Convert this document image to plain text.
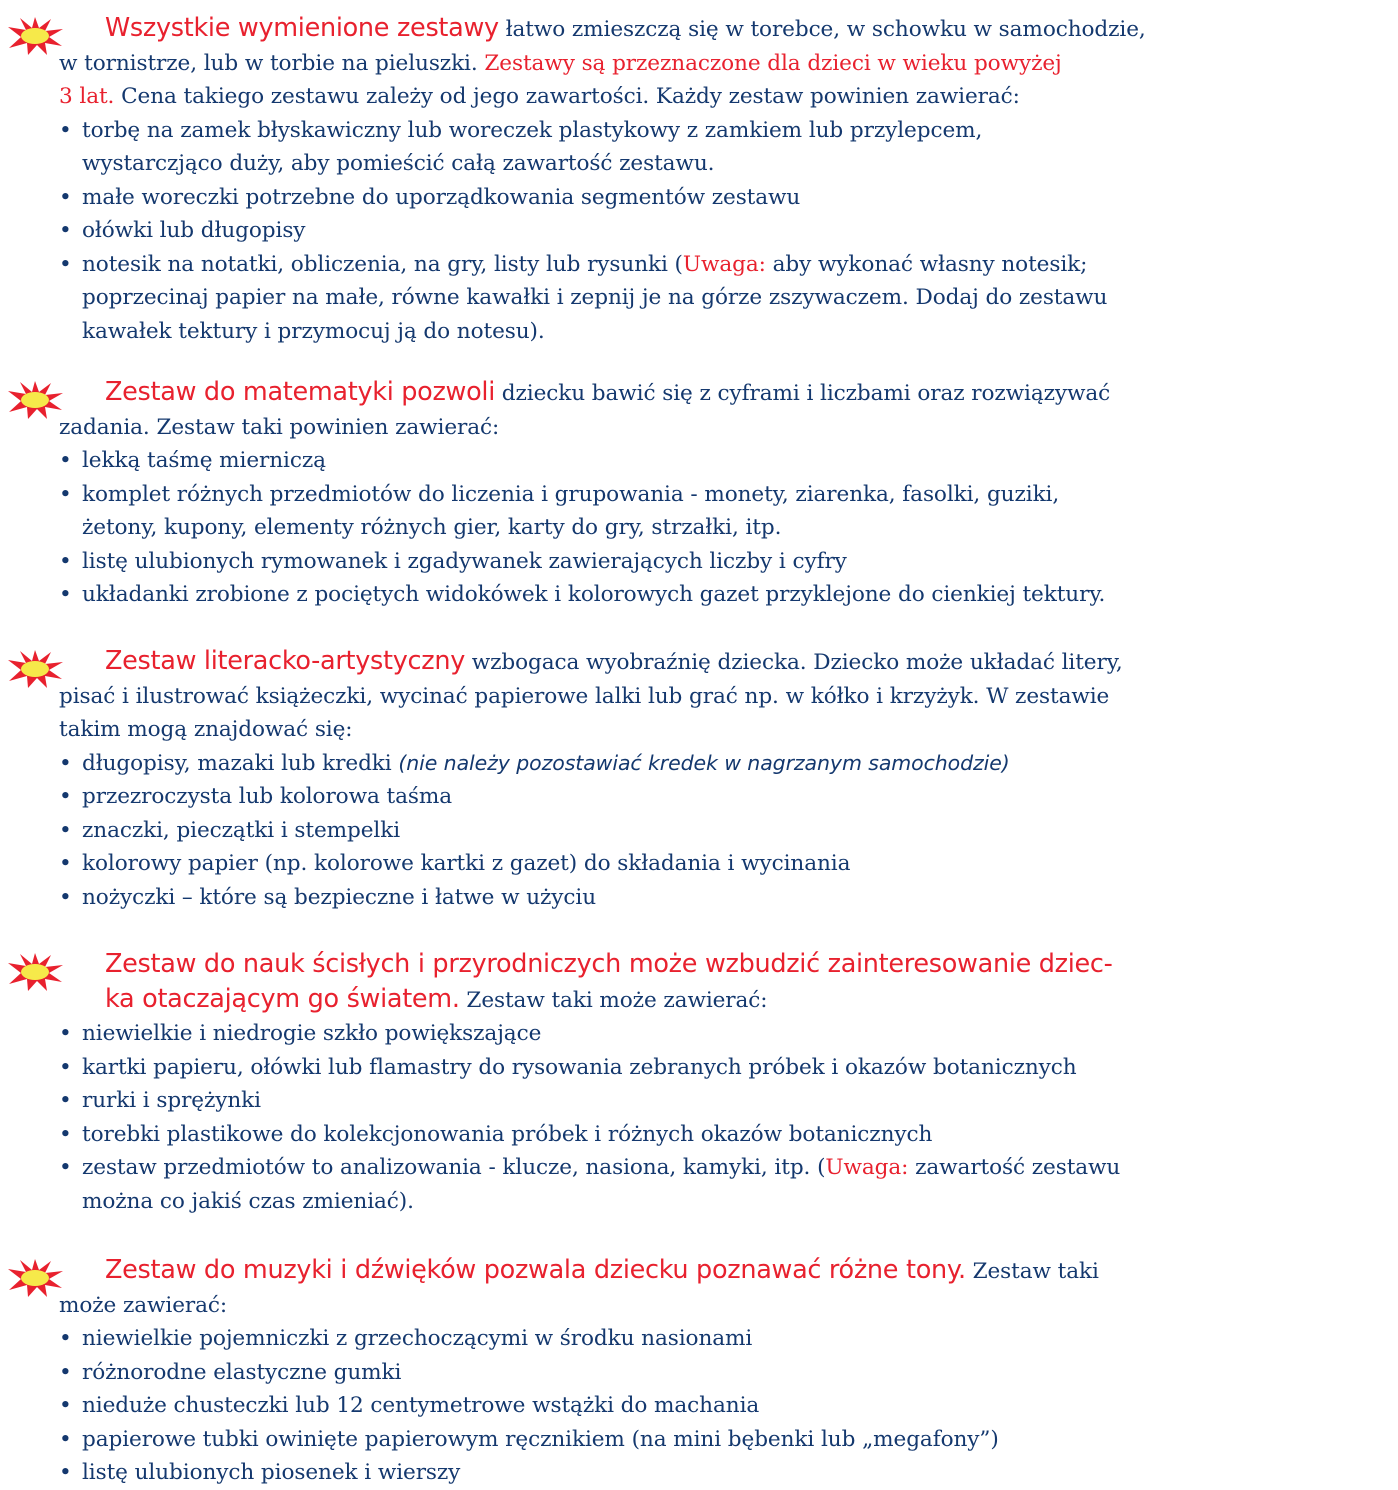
Wszystkie wymienione zestawy łatwo zmieszczą się w torebce, w schowku w samochodzie,

w tornistrze, lub w torbie na pieluszki. Zestawy są przeznaczone dla dzieci w wieku powyżej

3 lat. Cena takiego zestawu zależy od jego zawartości. Każdy zestaw powinien zawierać:

• torbę na zamek błyskawiczny lub woreczek plastykowy z zamkiem lub przylepcem,
wystarczjąco duży, aby pomieścić całą zawartość zestawu.
• małe woreczki potrzebne do uporządkowania segmentów zestawu
• ołówki lub długopisy
• notesik na notatki, obliczenia, na gry, listy lub rysunki (Uwaga: aby wykonać własny notesik;
poprzecinaj papier na małe, równe kawałki i zepnij je na górze zszywaczem. Dodaj do zestawu
kawałek tektury i przymocuj ją do notesu).

Zestaw do matematyki pozwoli dziecku bawić się z cyframi i liczbami oraz rozwiązywać

zadania. Zestaw taki powinien zawierać:

• lekką taśmę mierniczą
• komplet różnych przedmiotów do liczenia i grupowania - monety, ziarenka, fasolki, guziki,
żetony, kupony, elementy różnych gier, karty do gry, strzałki, itp.
• listę ulubionych rymowanek i zgadywanek zawierających liczby i cyfry
• układanki zrobione z pociętych widokówek i kolorowych gazet przyklejone do cienkiej tektury.

Zestaw literacko-artystyczny wzbogaca wyobraźnię dziecka. Dziecko może układać litery,

pisać i ilustrować książeczki, wycinać papierowe lalki lub grać np. w kółko i krzyżyk. W zestawie

takim mogą znajdować się:

• długopisy, mazaki lub kredki (nie należy pozostawiać kredek w nagrzanym samochodzie)
• przezroczysta lub kolorowa taśma
• znaczki, pieczątki i stempelki
• kolorowy papier (np. kolorowe kartki z gazet) do składania i wycinania
• nożyczki – które są bezpieczne i łatwe w użyciu

Zestaw do nauk ścisłych i przyrodniczych może wzbudzić zainteresowanie dziec-

ka otaczającym go światem. Zestaw taki może zawierać:

• niewielkie i niedrogie szkło powiększające
• kartki papieru, ołówki lub flamastry do rysowania zebranych próbek i okazów botanicznych
• rurki i sprężynki
• torebki plastikowe do kolekcjonowania próbek i różnych okazów botanicznych
• zestaw przedmiotów to analizowania - klucze, nasiona, kamyki, itp. (Uwaga: zawartość zestawu
można co jakiś czas zmieniać).

Zestaw do muzyki i dźwięków pozwala dziecku poznawać różne tony. Zestaw taki

może zawierać:

• niewielkie pojemniczki z grzechoczącymi w środku nasionami
• różnorodne elastyczne gumki
• nieduże chusteczki lub 12 centymetrowe wstążki do machania
• papierowe tubki owinięte papierowym ręcznikiem (na mini bębenki lub „megafony”)
• listę ulubionych piosenek i wierszy
